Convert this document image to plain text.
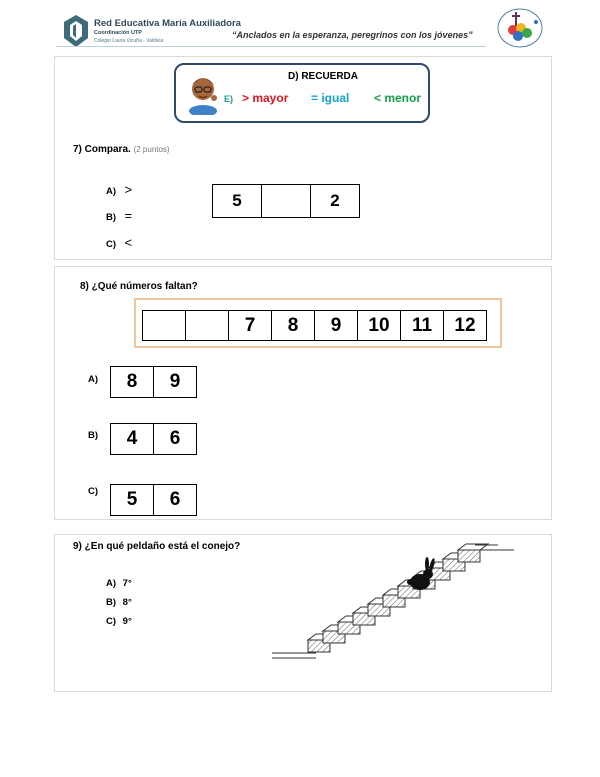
Red Educativa María Auxiliadora
Coordinación UTP
Colegio Laura Vicuña - Valdivia
“Anclados en la esperanza, peregrinos con los jóvenes”
D) RECUERDA
E) > mayor = igual < menor
7) Compara. (2 puntos)
A) >
B) =
C) <
5		2
8) ¿Qué números faltan?
		7	8	9	10	11	12
A) 8	9
B) 4	6
C) 5	6
9) ¿En qué peldaño está el conejo?
A) 7°
B) 8°
C) 9°
